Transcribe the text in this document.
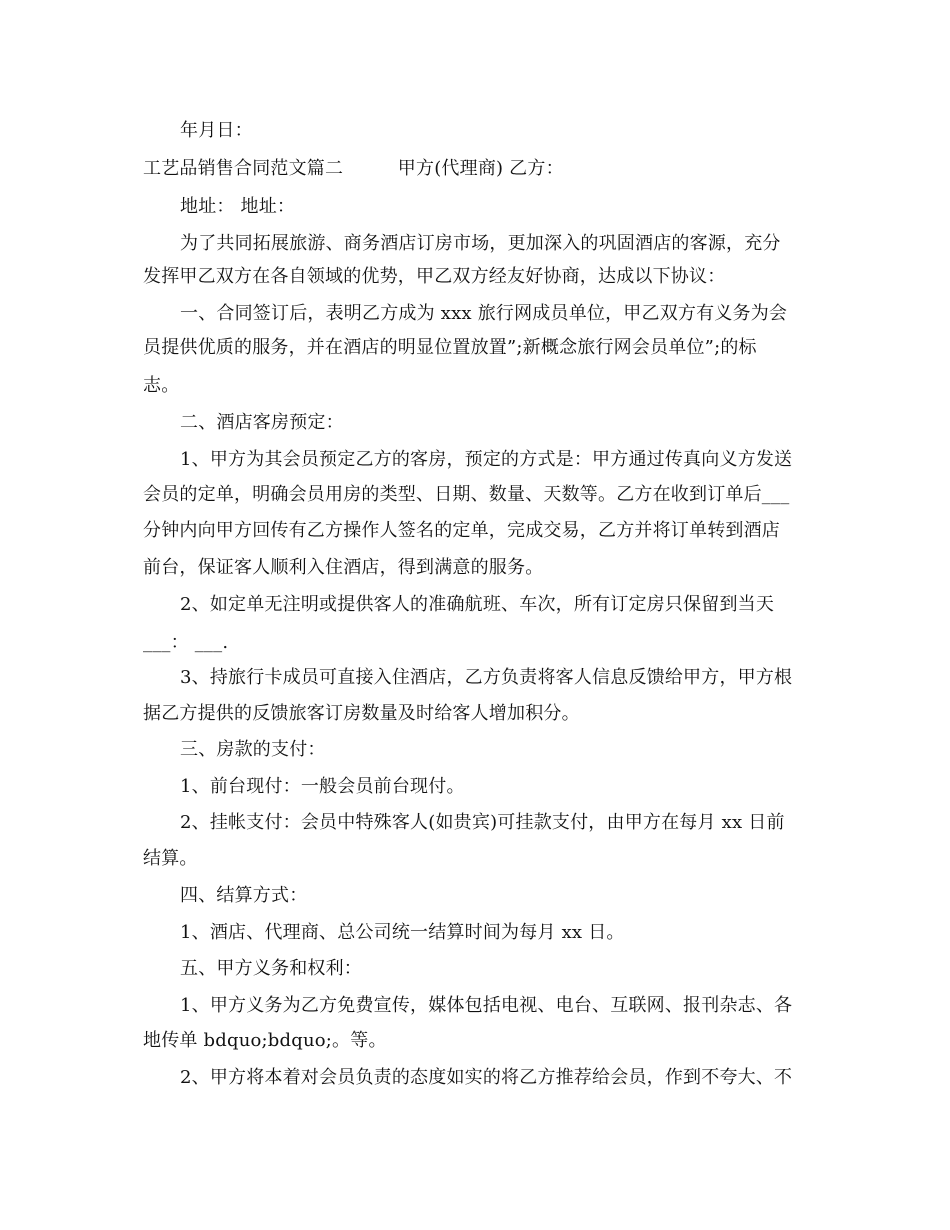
年月日：
工艺品销售合同范文篇二　　　甲方(代理商) 乙方：
地址： 地址：
为了共同拓展旅游、商务酒店订房市场，更加深入的巩固酒店的客源，充分
发挥甲乙双方在各自领域的优势，甲乙双方经友好协商，达成以下协议：
一、合同签订后，表明乙方成为 xxx 旅行网成员单位，甲乙双方有义务为会
员提供优质的服务，并在酒店的明显位置放置”;新概念旅行网会员单位”;的标
志。
二、酒店客房预定：
1、甲方为其会员预定乙方的客房，预定的方式是：甲方通过传真向义方发送
会员的定单，明确会员用房的类型、日期、数量、天数等。乙方在收到订单后___
分钟内向甲方回传有乙方操作人签名的定单，完成交易，乙方并将订单转到酒店
前台，保证客人顺利入住酒店，得到满意的服务。
2、如定单无注明或提供客人的准确航班、车次，所有订定房只保留到当天
___： ___.
3、持旅行卡成员可直接入住酒店，乙方负责将客人信息反馈给甲方，甲方根
据乙方提供的反馈旅客订房数量及时给客人增加积分。
三、房款的支付：
1、前台现付：一般会员前台现付。
2、挂帐支付：会员中特殊客人(如贵宾)可挂款支付，由甲方在每月 xx 日前
结算。
四、结算方式：
1、酒店、代理商、总公司统一结算时间为每月 xx 日。
五、甲方义务和权利：
1、甲方义务为乙方免费宣传，媒体包括电视、电台、互联网、报刊杂志、各
地传单 bdquo;bdquo;。等。
2、甲方将本着对会员负责的态度如实的将乙方推荐给会员，作到不夸大、不
